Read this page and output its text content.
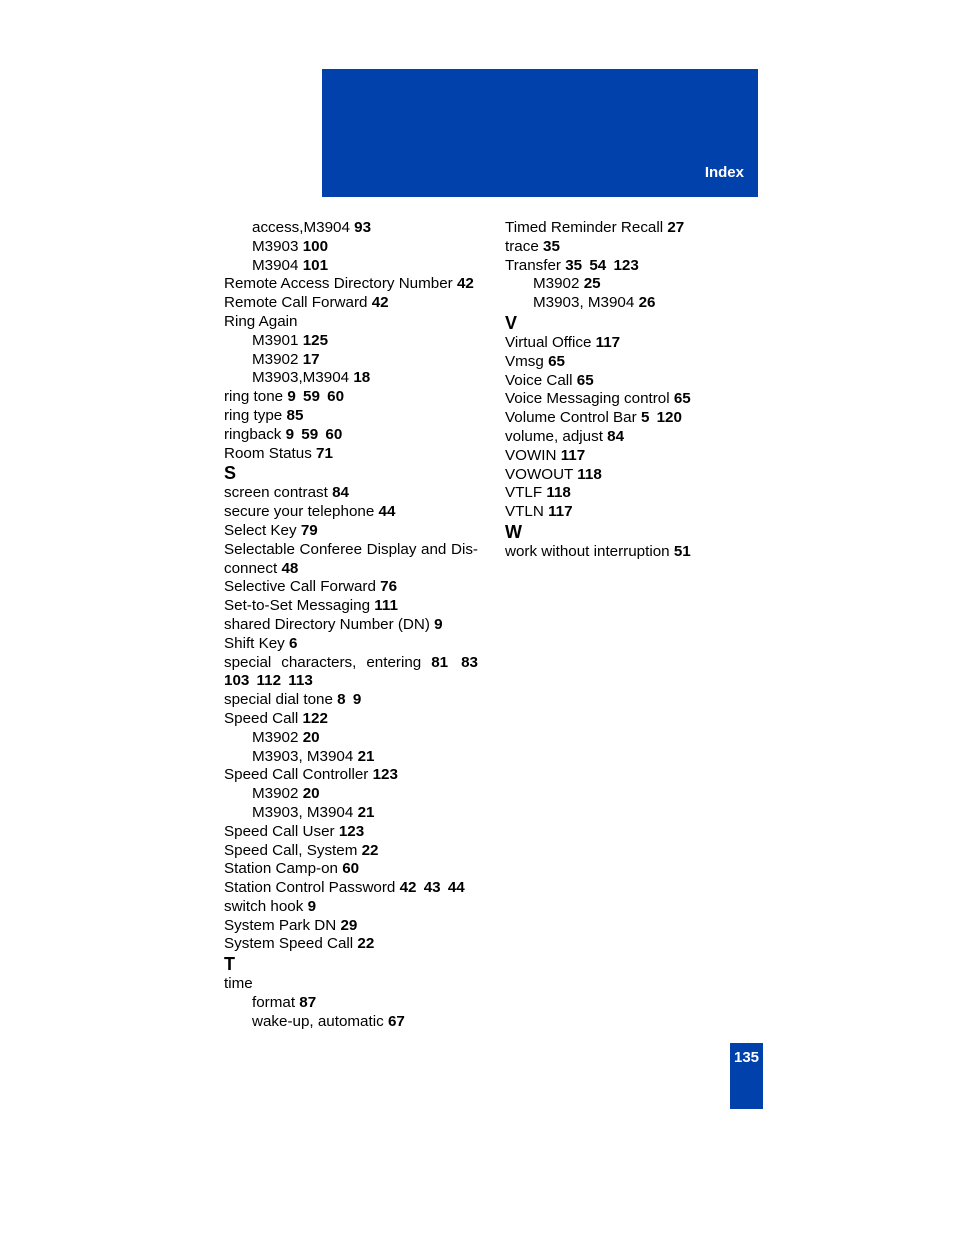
Index
access,M3904 93
M3903 100
M3904 101
Remote Access Directory Number 42
Remote Call Forward 42
Ring Again
M3901 125
M3902 17
M3903,M3904 18
ring tone 9 59 60
ring type 85
ringback 9 59 60
Room Status 71
S
screen contrast 84
secure your telephone 44
Select Key 79
Selectable Conferee Display and Dis-connect 48
Selective Call Forward 76
Set-to-Set Messaging 111
shared Directory Number (DN) 9
Shift Key 6
special characters, entering 81 83 103 112 113
special dial tone 8 9
Speed Call 122
M3902 20
M3903, M3904 21
Speed Call Controller 123
M3902 20
M3903, M3904 21
Speed Call User 123
Speed Call, System 22
Station Camp-on 60
Station Control Password 42 43 44
switch hook 9
System Park DN 29
System Speed Call 22
T
time
format 87
wake-up, automatic 67
Timed Reminder Recall 27
trace 35
Transfer 35 54 123
M3902 25
M3903, M3904 26
V
Virtual Office 117
Vmsg 65
Voice Call 65
Voice Messaging control 65
Volume Control Bar 5 120
volume, adjust 84
VOWIN 117
VOWOUT 118
VTLF 118
VTLN 117
W
work without interruption 51
135
